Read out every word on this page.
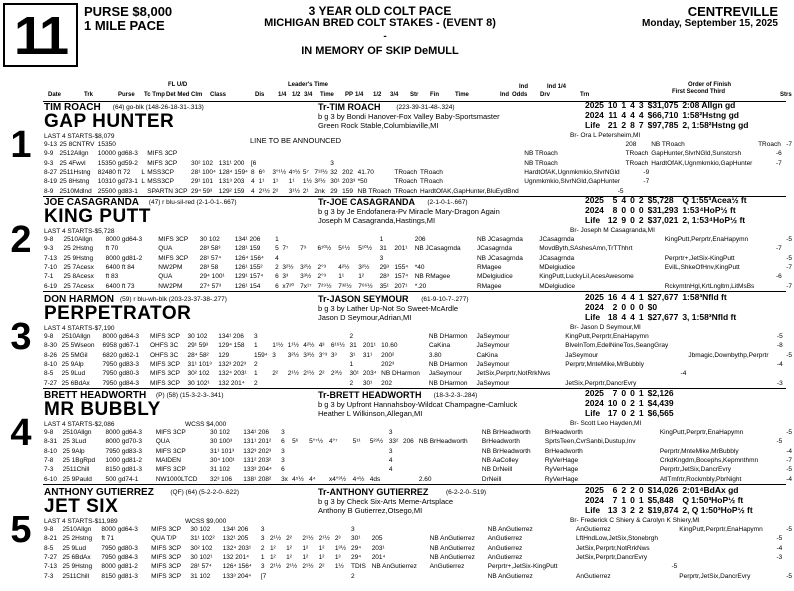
11	PURSE $8,000
1 MILE PACE
3 YEAR OLD COLT PACE
MICHIGAN BRED COLT STAKES - (EVENT 8)
-
IN MEMORY OF SKIP DeMULL
CENTREVILLE
Monday, September 15, 2025
FL U/D	Leader's Time	Ind	Ind 1/4	Order of Finish
First Second Third
Date	Trk	Purse Tc Tmp Det Med Clm Class	Dis 1/4 1/2 3/4 Time PP 1/4 1/2 3/4 Str Fin	Time	Ind Odds Drv	Trn	Strs
1
TIM ROACH (64) go-blk (148-26-18-31-.313)
GAP HUNTER
LAST 4 STARTS-$8,079
Tr-TIM ROACH (223-39-31-48-.324)
b g 3 by Bondi Hanover-Fox Valley Baby-Sportsmaster
Green Rock Stable,Columbiaville,MI
Br- Ora L Petersheim,MI
2025	10	1	4	3	$31,075	2:08 Allgn gd
2024	11	4	4	4	$66,710	1:58²Hstng gd
Life	21	2	8	7	$97,785	2, 1:58²Hstng gd
LINE TO BE ANNOUNCED
9-13	25 8CNTRV	15350																	208	NB TRoach	TRoach		-7
9-9	2512Allgn	10000 gd68-3		MIFS 3CP														NB TRoach	TRoach	GapHunter,SlvrNGld,Sunstcrsh	-6		
9-3	25 4Fwvl	15350 gd59-2		MIFS 3CP	30² 102	131¹ 200	[6						3					NB TRoach	TRoach	HardtOfAK,Ugnmkmkio,GapHunter	-7		
8-27	2511Hstng	82480 ft 72	L	MSS3CP	28¹ 100⁴	128⁴ 159⁴	8	6⁶	3°¹½	4⁵½	5⁷	7¹³½	32	202	41.70	TRoach	TRoach	HardtOfAK,Ugnmkmkio,SlvrNGld	-9				
8-19	25 8Hstng	10310 gd73-1	L	MSS3CP	29¹ 101	131³ 203	4	1¹	1¹	1¹	1½	3²½	30¹	203³	*50	TRoach	TRoach	Ugnmkmkio,SlvrNGld,GapHunter	-7				
8-9	2510Mdlnd	25500 gd83-1		SPARTN 3CP	29⁴ 59³	129² 159	4	2¹½	2²	3¹½	2¹	2nk	29	159	NB TRoach	TRoach	HardtOfAK,GapHunter,BluEydBnd	-5					
2
JOE CASAGRANDA (47) r blu-sil-red (2-1-0-1-.667)
KING PUTT
LAST 4 STARTS-$5,728
Tr-JOE CASAGRANDA (2-1-0-1-.667)
b g 3 by Je Endofanera-Pv Miracle Mary-Dragon Again
Joseph M Casagranda,Hastings,MI
Br- Joseph M Casagranda,MI
2025	5	4	0	2	$5,728	Q 1:55³Acea½ ft
2024	8	0	0	0	$31,293	1:53⁴HoP½ ft
Life	12	9	0	2	$37,021	2, 1:53⁴HoP½ ft
9-8	2510Allgn	8000 gd64-3		MIFS 3CP	30 102	134¹ 206	1						1		206	NB JCasagrnda	JCasagrnda	KingPutt,Perprtr,EnaHapymn	-5
9-3	25 2Hstng	ft 70		QUA	28³ 58³	128¹ 159	5	7⁷	7⁹	6¹⁰½	5⁶½	5¹⁰½	31	201¹	NB JCasagrnda	JCasagrnda	MovdByth,SAshesAmn,TrTThhrt	-7	
7-13	25 9Hstng	8000 gd81-2		MIFS 3CP	28¹ 57⁴	126⁴ 156⁴	4						3			NB JCasagrnda	JCasagrnda	Perprtr+,JetSix-KingPutt	-5
7-10	25 7Acesx	6400 ft 84		NW2PM	28³ 58	126¹ 155²	2	3²½	3²½	2°³	4²½	3²½	29³	155⁴	*40	RMagee	MDelgiudice	EvilL,ShkeOfHnv,KingPutt	-7
7-1	25 8Acesx	ft 83		QUA	29⁴ 100¹	129¹ 157⁴	6	3³	3³½	2°³	1¹	1²	28³	157⁴	NB RMagee	MDelgiudice	KingPutt,LuckyLil,AcesAwesome	-6	
6-19	25 7Acesx	6400 ft 73		NW2PM	27⁴ 57³	126¹ 154	6	x7²⁰	7x¹⁷	7²⁹½	7³²½	7⁶⁶½	35¹	207¹	*.20	RMagee	MDelgiudice	RckymtnHgl,KrtLngltm,LitMsBs	-7
3
DON HARMON (59) r blu-wh-blk (203-23-37-38-.277)
PERPETRATOR
LAST 4 STARTS-$7,190
Tr-JASON SEYMOUR (61-9-10-7-.277)
b g 3 by Lather Up-Not So Sweet-McArdle
Jason D Seymour,Adrian,MI
Br- Jason D Seymour,MI
2025	16	4	4	1	$27,677	1:58³Nfld ft
2024	2	0	0	0	$0	
Life	18	4	4	1	$27,677	3, 1:58³Nfld ft
9-8	2510Allgn	8000 gd64-3		MIFS 3CP	30 102	134¹ 206	3						2			NB DHarmon	JaSeymour	KingPutt,Perprtr,EnaHapymn	-5	
8-30	25 5Wseon	6958 gd67-1		OHFS 3C	29¹ 59³	129⁴ 158	1	1¹½	1¹½	4²½	4³	6¹⁶½	31	201¹	10.60	CaKina	JaSeymour	BlvelnTom,EdelNineTos,SeangGray	-8	
8-26	25 5MGil	6820 gd62-1		OHFS 3C	28⁴ 58²	129	159⁴	3	3²½	3³½	3°³	3³	3¹	31¹	200²	3.80	CaKina	JaSeymour	Jbmagic,Downbythp,Perprtr	-5
8-10	25 9Alp	7950 gd83-3		MIFS 3CP	31¹ 101³	132³ 202³	2						1		202³	NB DHarmon	JaSeymour	Perprtr,MnteMike,MrBubbly	-4	
8-5	25 9Lud	7950 gd80-3		MIFS 3CP	30² 102	132⁴ 203¹	1	2²	2¹½	2¹½	2²	2³½	30¹	203⁴	NB DHarmon	JaSeymour	JetSix,Perprtr,NotRrkNws	-4		
7-27	25 6BdAx	7950 gd84-3		MIFS 3CP	30 102¹	132 201⁴	2						2	30¹	202	NB DHarmon	JaSeymour	JetSix,Perprtr,DancrEvry	-3	
4
BRETT HEADWORTH (P) (58) (15-3-2-3-.341)
MR BUBBLY
LAST 4 STARTS-$2,086	WCSS $4,000
Tr-BRETT HEADWORTH (18-3-2-3-.284)
b g 3 by Upfront Hannahsboy-Wildcat Champagne-Camluck
Heather L Wilkinson,Allegan,MI
Br- Scott Leo Hayden,MI
2025	7	0	0	1	$2,126	
2024	10	0	2	1	$4,439	
Life	17	0	2	1	$6,565	
9-8	2510Allgn	8000 gd64-3		MIFS 3CP	30 102	134¹ 206	3						3			NB BrHeadworth	BrHeadworth	KingPutt,Perprtr,EnaHapymn	-5
8-31	25 3Lud	8000 gd70-3		QUA	30 100³	131¹ 201²	6	5⁶	5°⁷½	4°⁷	5¹¹	5²³½	33²	206	NB BrHeadworth	BrHeadworth	SprtsTeen,CvrSanbi,Dustup,Inv	-5	
8-10	25 9Alp	7950 gd83-3		MIFS 3CP	31¹ 101³	132³ 202³	3						3			NB BrHeadworth	BrHeadworth	Perprtr,MnteMike,MrBubbly	-4
7-8	25 1BgRpd	1000 gd81-2		MAIDEN	30⁴ 100¹	131² 203²	3						4			NB AaColley	RyVerHage	CrkdKngdm,Bocephs,Kepmnthmn	-7
7-3	2511Chill	8150 gd81-3		MIFS 3CP	31 102	133³ 204⁴	6						4			NB DrNeill	RyVerHage	Perprtr,JetSix,DancrEvry	-5
6-10	25 9Pauld	500 gd74-1		NW1000LTCD	32³ 106	138¹ 208²	3x	4⁵½	4⁴	x4°³½	4⁴½	4ds			2.60	DrNeill	RyVerHage	AtlTmfrtr,Rockmbly,PbrNight	-4
5
ANTHONY GUTIERREZ	(QF) (64) (5-2-2-0-.622)
JET SIX
LAST 4 STARTS-$11,989	WCSS $9,000
Tr-ANTHONY GUTIERREZ	(6-2-2-0-.519)
b g 3 by Check Six-Arts Meme-Artsplace
Anthony B Gutierrez,Otsego,MI
Br- Frederick C Shiery & Carolyn K Shiery,MI
2025	6	2	2	0	$14,026	2:01⁴BdAx gd
2024	7	1	0	1	$5,848	Q 1:50³HoP½ ft
Life	13	3	2	2	$19,874	2, Q 1:50³HoP½ ft
9-8	2510Allgn	8000 gd64-3		MIFS 3CP	30 102	134¹ 206	3						3			NB AnGutierrez	AnGutierrez	KingPutt,Perprtr,EnaHapymn	-5
8-21	25 2Hstng	ft 71		QUA T/P	31¹ 102²	132¹ 205	3	2¹½	2²	2¹½	2¹½	2³	30¹	205	NB AnGutierrez	AnGutierrez	LftHndLow,JetSix,Stonebrgh	-5	
8-5	25 9Lud	7950 gd80-3		MIFS 3CP	30² 102	132⁴ 203¹	2	1²	1²	1²	1²	1³½	29⁴	203¹	NB AnGutierrez	AnGutierrez	JetSix,Perprtr,NotRrkNws	-4	
7-27	25 6BdAx	7950 gd84-3		MIFS 3CP	30 102¹	132 201⁴	1	1²	1²	1²	1²	1³	29⁴	201⁴	NB AnGutierrez	AnGutierrez	JetSix,Perprtr,DancrEvry	-3	
7-13	25 9Hstng	8000 gd81-2		MIFS 3CP	28¹ 57⁴	126⁴ 156⁴	3	2¹½	2¹½	2¹½	2²	1½	TDIS	NB AnGutierrez	AnGutierrez	Perprtr+,JetSix-KingPutt	-5		
7-3	2511Chill	8150 gd81-3		MIFS 3CP	31 102	133³ 204⁴	[7						2			NB AnGutierrez	AnGutierrez	Perprtr,JetSix,DancrEvry	-5
